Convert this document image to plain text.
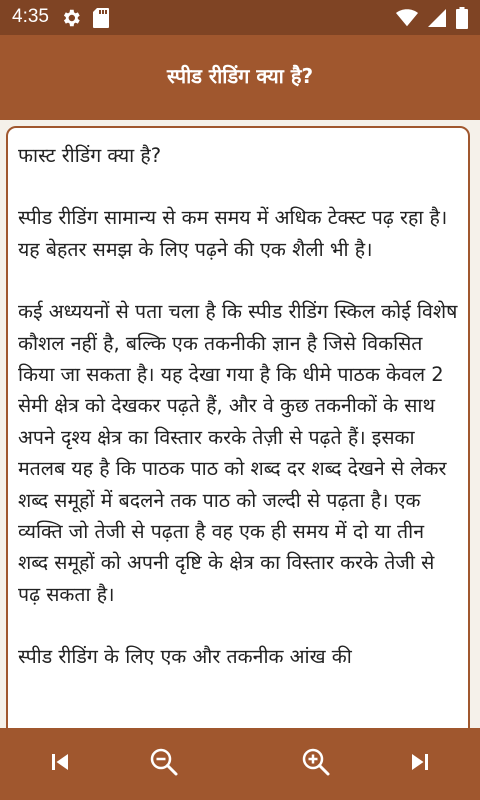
4:35
स्पीड रीडिंग क्या है?

फास्ट रीडिंग क्या है?

स्पीड रीडिंग सामान्य से कम समय में अधिक टेक्स्ट पढ़ रहा है। यह बेहतर समझ के लिए पढ़ने की एक शैली भी है।

कई अध्ययनों से पता चला है कि स्पीड रीडिंग स्किल कोई विशेष कौशल नहीं है, बल्कि एक तकनीकी ज्ञान है जिसे विकसित किया जा सकता है। यह देखा गया है कि धीमे पाठक केवल 2 सेमी क्षेत्र को देखकर पढ़ते हैं, और वे कुछ तकनीकों के साथ अपने दृश्य क्षेत्र का विस्तार करके तेज़ी से पढ़ते हैं। इसका मतलब यह है कि पाठक पाठ को शब्द दर शब्द देखने से लेकर शब्द समूहों में बदलने तक पाठ को जल्दी से पढ़ता है। एक व्यक्ति जो तेजी से पढ़ता है वह एक ही समय में दो या तीन शब्द समूहों को अपनी दृष्टि के क्षेत्र का विस्तार करके तेजी से पढ़ सकता है।

स्पीड रीडिंग के लिए एक और तकनीक आंख की
